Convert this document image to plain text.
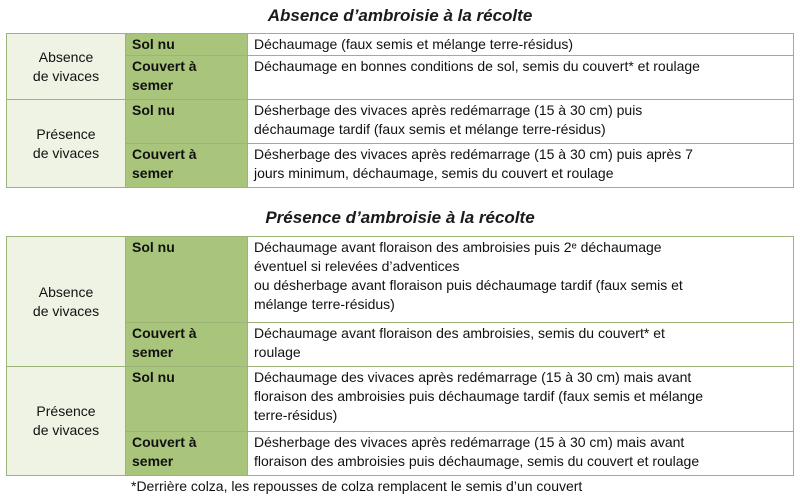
Absence d’ambroisie à la récolte
Absence
de vivaces	Sol nu	Déchaumage (faux semis et mélange terre-résidus)

	Couvert à
semer	Déchaumage en bonnes conditions de sol, semis du couvert* et roulage

Présence
de vivaces	Sol nu	Désherbage des vivaces après redémarrage (15 à 30 cm) puis
déchaumage tardif (faux semis et mélange terre-résidus)

	Couvert à
semer	Désherbage des vivaces après redémarrage (15 à 30 cm) puis après 7
jours minimum, déchaumage, semis du couvert et roulage
Présence d’ambroisie à la récolte
Absence
de vivaces	Sol nu	Déchaumage avant floraison des ambroisies puis 2ᵉ déchaumage
éventuel si relevées d’adventices
ou désherbage avant floraison puis déchaumage tardif (faux semis et
mélange terre-résidus)

	Couvert à
semer	Déchaumage avant floraison des ambroisies, semis du couvert* et
roulage

Présence
de vivaces	Sol nu	Déchaumage des vivaces après redémarrage (15 à 30 cm) mais avant
floraison des ambroisies puis déchaumage tardif (faux semis et mélange
terre-résidus)

	Couvert à
semer	Désherbage des vivaces après redémarrage (15 à 30 cm) mais avant
floraison des ambroisies puis déchaumage, semis du couvert et roulage
*Derrière colza, les repousses de colza remplacent le semis d’un couvert
